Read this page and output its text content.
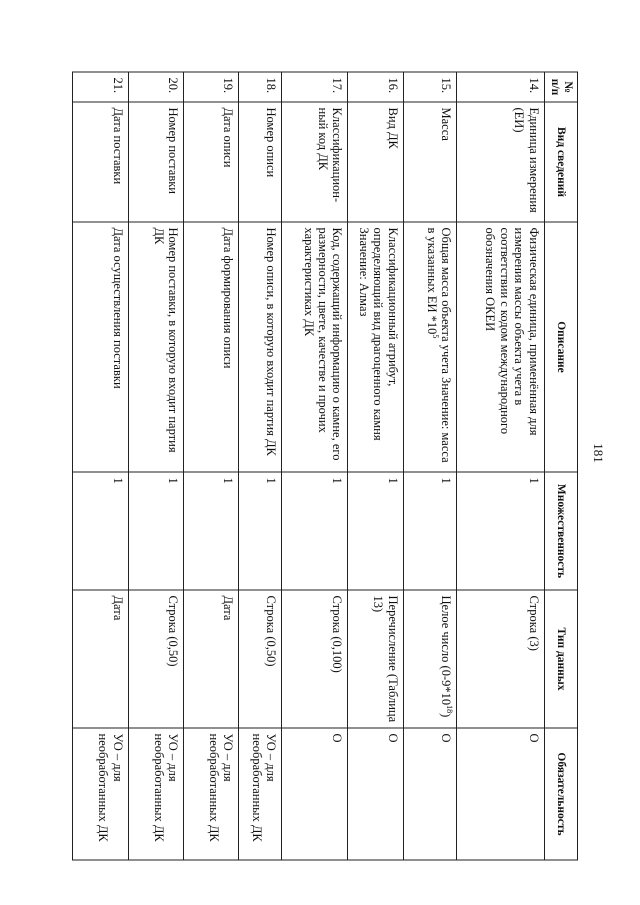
181
№ п/п	Вид сведений	Описание	Множественность	Тип данных	Обязательность
14.	Единица измерения (ЕИ)	Физическая единица, применённая для измерения массы объекта учета в соответствии с кодом международного обозначения ОКЕИ	1	Строка (3)	О
15.	Масса	Общая масса объекта учета Значение: масса в указанных ЕИ $*10^5$	1	Целое число $(0-9*10^{18})$	О
16.	Вид ДК	Классификационный атрибут, определяющий вид драгоценного камня Значение: Алмаз	1	Перечисление (Таблица 13)	О
17.	Классификацион-ный код ДК	Код, содержащий информацию о камне, его размерности, цвете, качестве и прочих характеристиках ДК	1	Строка (0,100)	О
18.	Номер описи	Номер описи, в которую входит партия ДК	1	Строка (0,50)	УО – для необработанных ДК
19.	Дата описи	Дата формирования описи	1	Дата	УО – для необработанных ДК
20.	Номер поставки	Номер поставки, в которую входит партия ДК	1	Строка (0,50)	УО – для необработанных ДК
21.	Дата поставки	Дата осуществления поставки	1	Дата	УО – для необработанных ДК
